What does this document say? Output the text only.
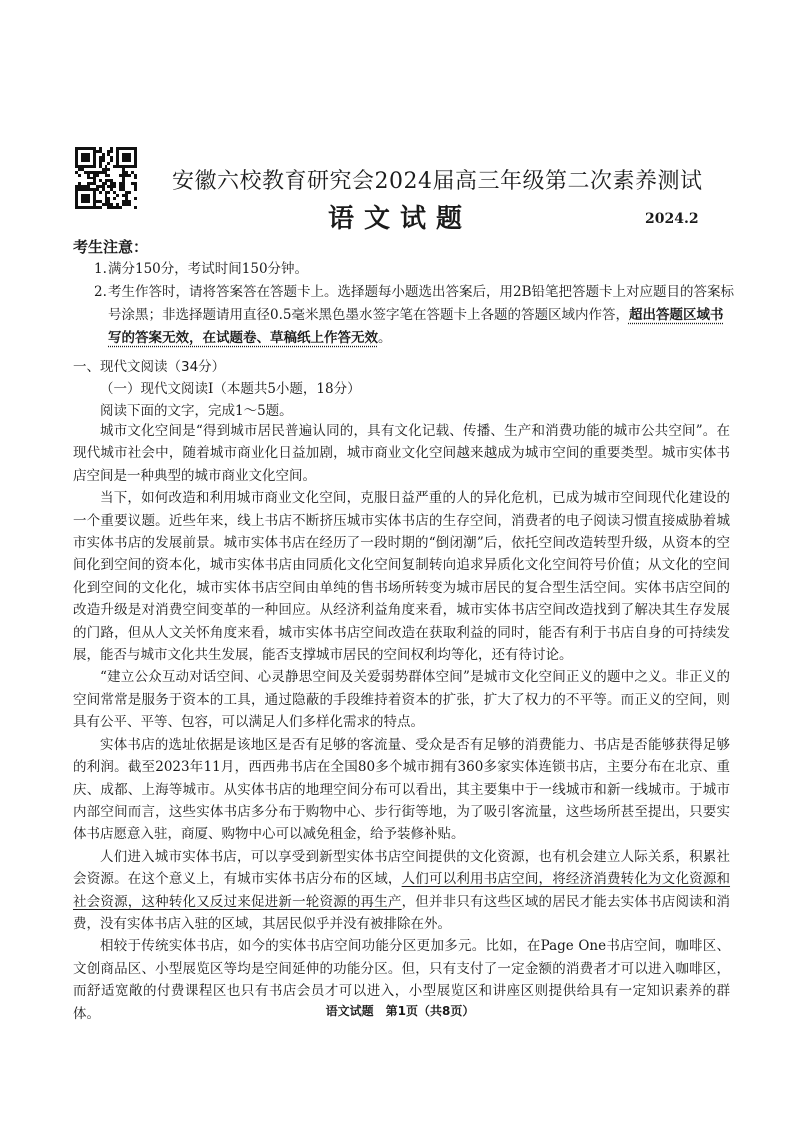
安徽六校教育研究会2024届高三年级第二次素养测试
语文试题	2024.2
考生注意：
1. 满分150分，考试时间150分钟。
2. 考生作答时，请将答案答在答题卡上。选择题每小题选出答案后，用2B铅笔把答题卡上对应题目的答案标号涂黑；非选择题请用直径0.5毫米黑色墨水签字笔在答题卡上各题的答题区域内作答，超出答题区域书写的答案无效，在试题卷、草稿纸上作答无效。
一、现代文阅读（34分）
（一）现代文阅读Ⅰ（本题共5小题，18分）
阅读下面的文字，完成1～5题。

城市文化空间是“得到城市居民普遍认同的，具有文化记载、传播、生产和消费功能的城市公共空间”。在现代城市社会中，随着城市商业化日益加剧，城市商业文化空间越来越成为城市空间的重要类型。城市实体书店空间是一种典型的城市商业文化空间。

当下，如何改造和利用城市商业文化空间，克服日益严重的人的异化危机，已成为城市空间现代化建设的一个重要议题。近些年来，线上书店不断挤压城市实体书店的生存空间，消费者的电子阅读习惯直接威胁着城市实体书店的发展前景。城市实体书店在经历了一段时期的“倒闭潮”后，依托空间改造转型升级，从资本的空间化到空间的资本化，城市实体书店由同质化文化空间复制转向追求异质化文化空间符号价值；从文化的空间化到空间的文化化，城市实体书店空间由单纯的售书场所转变为城市居民的复合型生活空间。实体书店空间的改造升级是对消费空间变革的一种回应。从经济利益角度来看，城市实体书店空间改造找到了解决其生存发展的门路，但从人文关怀角度来看，城市实体书店空间改造在获取利益的同时，能否有利于书店自身的可持续发展，能否与城市文化共生发展，能否支撑城市居民的空间权利均等化，还有待讨论。

“建立公众互动对话空间、心灵静思空间及关爱弱势群体空间”是城市文化空间正义的题中之义。非正义的空间常常是服务于资本的工具，通过隐蔽的手段维持着资本的扩张，扩大了权力的不平等。而正义的空间，则具有公平、平等、包容，可以满足人们多样化需求的特点。

实体书店的选址依据是该地区是否有足够的客流量、受众是否有足够的消费能力、书店是否能够获得足够的利润。截至2023年11月，西西弗书店在全国80多个城市拥有360多家实体连锁书店，主要分布在北京、重庆、成都、上海等城市。从实体书店的地理空间分布可以看出，其主要集中于一线城市和新一线城市。于城市内部空间而言，这些实体书店多分布于购物中心、步行街等地，为了吸引客流量，这些场所甚至提出，只要实体书店愿意入驻，商厦、购物中心可以减免租金，给予装修补贴。

人们进入城市实体书店，可以享受到新型实体书店空间提供的文化资源，也有机会建立人际关系，积累社会资源。在这个意义上，有城市实体书店分布的区域，人们可以利用书店空间，将经济消费转化为文化资源和社会资源，这种转化又反过来促进新一轮资源的再生产，但并非只有这些区域的居民才能去实体书店阅读和消费，没有实体书店入驻的区域，其居民似乎并没有被排除在外。

相较于传统实体书店，如今的实体书店空间功能分区更加多元。比如，在Page One书店空间，咖啡区、文创商品区、小型展览区等均是空间延伸的功能分区。但，只有支付了一定金额的消费者才可以进入咖啡区，而舒适宽敞的付费课程区也只有书店会员才可以进入，小型展览区和讲座区则提供给具有一定知识素养的群体。	语文试题　第1页（共8页）
